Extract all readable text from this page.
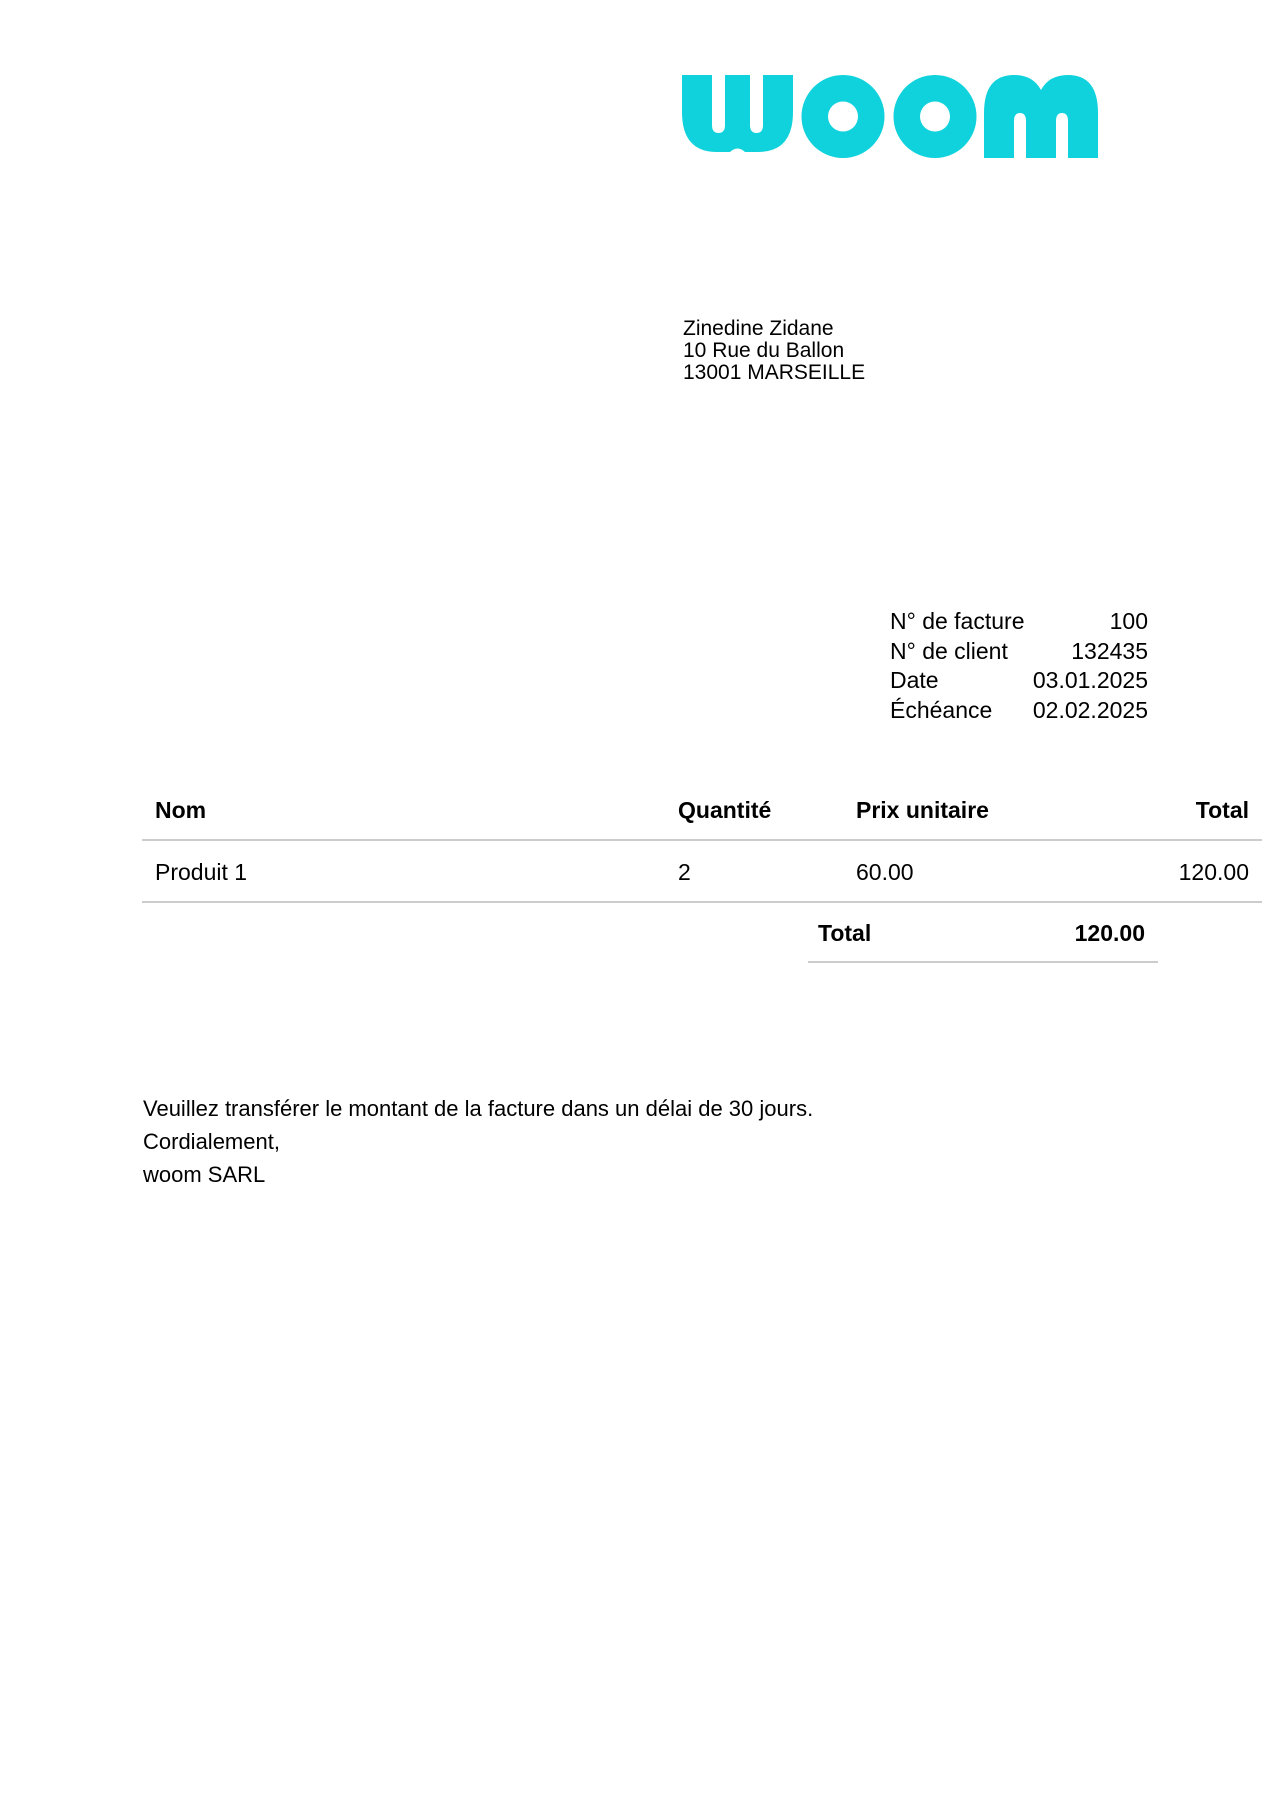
Zinedine Zidane
10 Rue du Ballon
13001 MARSEILLE
N° de facture	100
N° de client	132435
Date	03.01.2025
Échéance 02.02.2025
Nom	Quantité	Prix unitaire	Total
Produit 1	2	60.00	120.00
Total	120.00
Veuillez transférer le montant de la facture dans un délai de 30 jours.
Cordialement,
woom SARL
